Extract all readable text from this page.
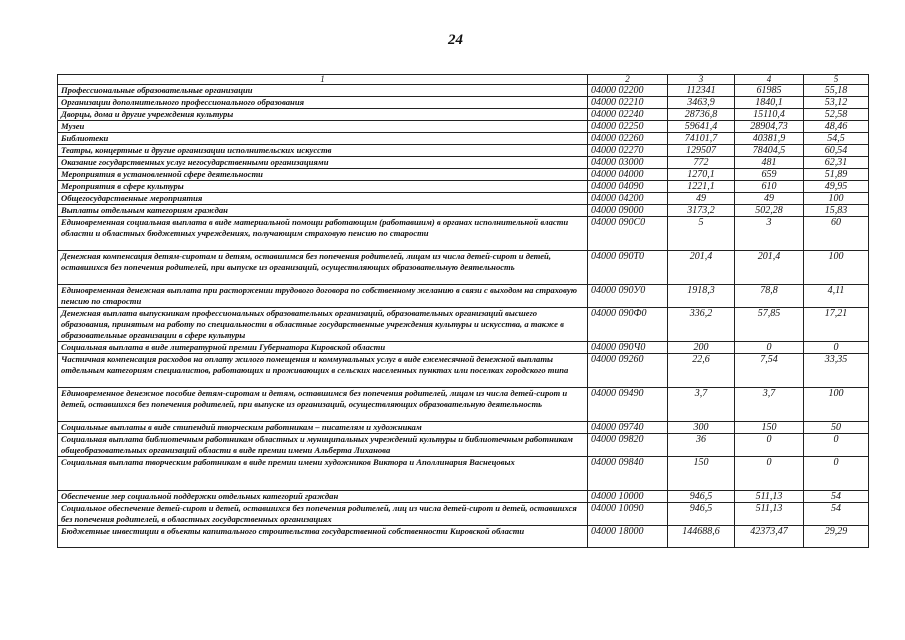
24
1	2	3	4	5
Профессиональные образовательные организации	04000 02200	112341	61985	55,18
Организации дополнительного профессионального образования	04000 02210	3463,9	1840,1	53,12
Дворцы, дома и другие учреждения культуры	04000 02240	28736,8	15110,4	52,58
Музеи	04000 02250	59641,4	28904,73	48,46
Библиотеки	04000 02260	74101,7	40381,9	54,5
Театры, концертные и другие организации исполнительских искусств	04000 02270	129507	78404,5	60,54
Оказание государственных услуг негосударственными организациями	04000 03000	772	481	62,31
Мероприятия в установленной сфере деятельности	04000 04000	1270,1	659	51,89
Мероприятия в сфере культуры	04000 04090	1221,1	610	49,95
Общегосударственные мероприятия	04000 04200	49	49	100
Выплаты отдельным категориям граждан	04000 09000	3173,2	502,28	15,83
Единовременная социальная выплата в виде материальной помощи работающим (работавшим) в органах исполнительной власти области и областных бюджетных учреждениях, получающим страховую пенсию по старости	04000 090С0	5	3	60
Денежная компенсация детям-сиротам и детям, оставшимся без попечения родителей, лицам из числа детей-сирот и детей, оставшихся без попечения родителей, при выпуске из организаций, осуществляющих образовательную деятельность	04000 090Т0	201,4	201,4	100
Единовременная денежная выплата при расторжении трудового договора по собственному желанию в связи с выходом на страховую пенсию по старости	04000 090У0	1918,3	78,8	4,11
Денежная выплата выпускникам профессиональных образовательных организаций, образовательных организаций высшего образования, принятым на работу по специальности в областные государственные учреждения культуры и искусства, а также в образовательные организации в сфере культуры	04000 090Ф0	336,2	57,85	17,21
Социальная выплата в виде литературной премии Губернатора Кировской области	04000 090Ч0	200	0	0
Частичная компенсация расходов на оплату жилого помещения и коммунальных услуг в виде ежемесячной денежной выплаты отдельным категориям специалистов, работающих и проживающих в сельских населенных пунктах или поселках городского типа	04000 09260	22,6	7,54	33,35
Единовременное денежное пособие детям-сиротам и детям, оставшимся без попечения родителей, лицам из числа детей-сирот и детей, оставшихся без попечения родителей, при выпуске из организаций, осуществляющих образовательную деятельность	04000 09490	3,7	3,7	100
Социальные выплаты в виде стипендий творческим работникам – писателям и художникам	04000 09740	300	150	50
Социальная выплата библиотечным работникам областных и муниципальных учреждений культуры и библиотечным работникам общеобразовательных организаций области в виде премии имени Альберта Лиханова	04000 09820	36	0	0
Социальная выплата творческим работникам в виде премии имени художников Виктора и Аполлинария Васнецовых	04000 09840	150	0	0
Обеспечение мер социальной поддержки отдельных категорий граждан	04000 10000	946,5	511,13	54
Социальное обеспечение детей-сирот и детей, оставшихся без попечения родителей, лиц из числа детей-сирот и детей, оставшихся без попечения родителей, в областных государственных организациях	04000 10090	946,5	511,13	54
Бюджетные инвестиции в объекты капитального строительства государственной собственности Кировской области	04000 18000	144688,6	42373,47	29,29
